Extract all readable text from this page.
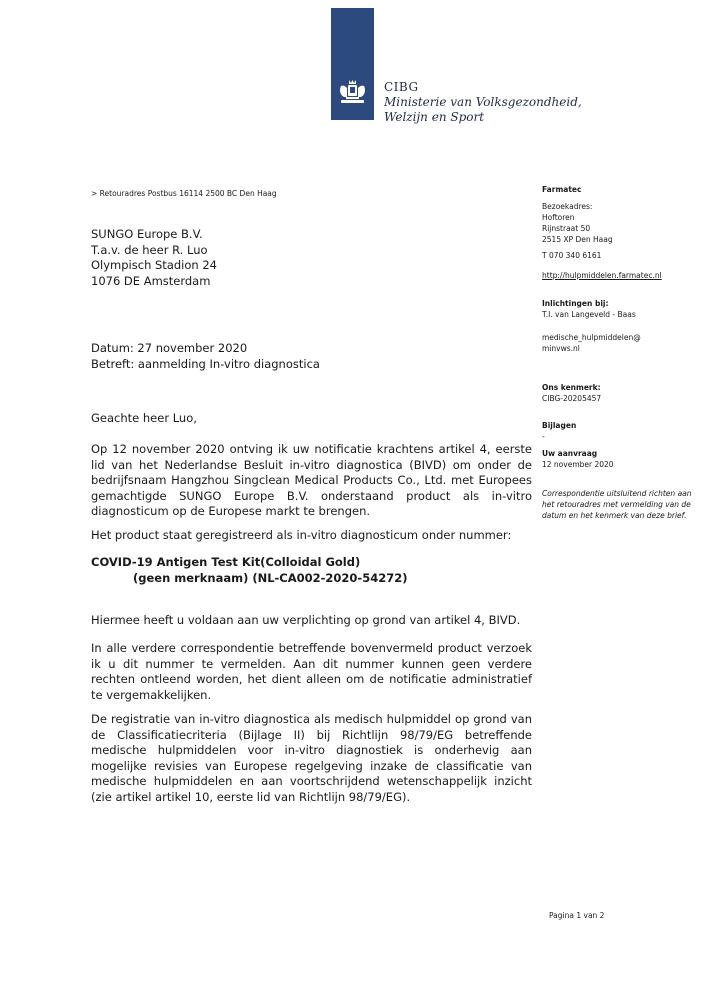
CIBG
Ministerie van Volksgezondheid,
Welzijn en Sport
> Retouradres Postbus 16114 2500 BC Den Haag
SUNGO Europe B.V.
T.a.v. de heer R. Luo
Olympisch Stadion 24
1076 DE Amsterdam
Datum: 27 november 2020
Betreft: aanmelding In-vitro diagnostica
Geachte heer Luo,
Op 12 november 2020 ontving ik uw notificatie krachtens artikel 4, eerste lid van het Nederlandse Besluit in-vitro diagnostica (BIVD) om onder de bedrijfsnaam Hangzhou Singclean Medical Products Co., Ltd. met Europees gemachtigde SUNGO Europe B.V. onderstaand product als in-vitro diagnosticum op de Europese markt te brengen.
Het product staat geregistreerd als in-vitro diagnosticum onder nummer:
COVID-19 Antigen Test Kit(Colloidal Gold)
(geen merknaam) (NL-CA002-2020-54272)
Hiermee heeft u voldaan aan uw verplichting op grond van artikel 4, BIVD.
In alle verdere correspondentie betreffende bovenvermeld product verzoek ik u dit nummer te vermelden. Aan dit nummer kunnen geen verdere rechten ontleend worden, het dient alleen om de notificatie administratief te vergemakkelijken.
De registratie van in-vitro diagnostica als medisch hulpmiddel op grond van de Classificatiecriteria (Bijlage II) bij Richtlijn 98/79/EG betreffende medische hulpmiddelen voor in-vitro diagnostiek is onderhevig aan mogelijke revisies van Europese regelgeving inzake de classificatie van medische hulpmiddelen en aan voortschrijdend wetenschappelijk inzicht (zie artikel artikel 10, eerste lid van Richtlijn 98/79/EG).
Farmatec
Bezoekadres:
Hoftoren
Rijnstraat 50
2515 XP Den Haag
T 070 340 6161
http://hulpmiddelen.farmatec.nl
Inlichtingen bij:
T.I. van Langeveld - Baas
medische_hulpmiddelen@
minvws.nl
Ons kenmerk:
CIBG-20205457
Bijlagen
-
Uw aanvraag
12 november 2020
Correspondentie uitsluitend richten aan het retouradres met vermelding van de datum en het kenmerk van deze brief.
Pagina 1 van 2
